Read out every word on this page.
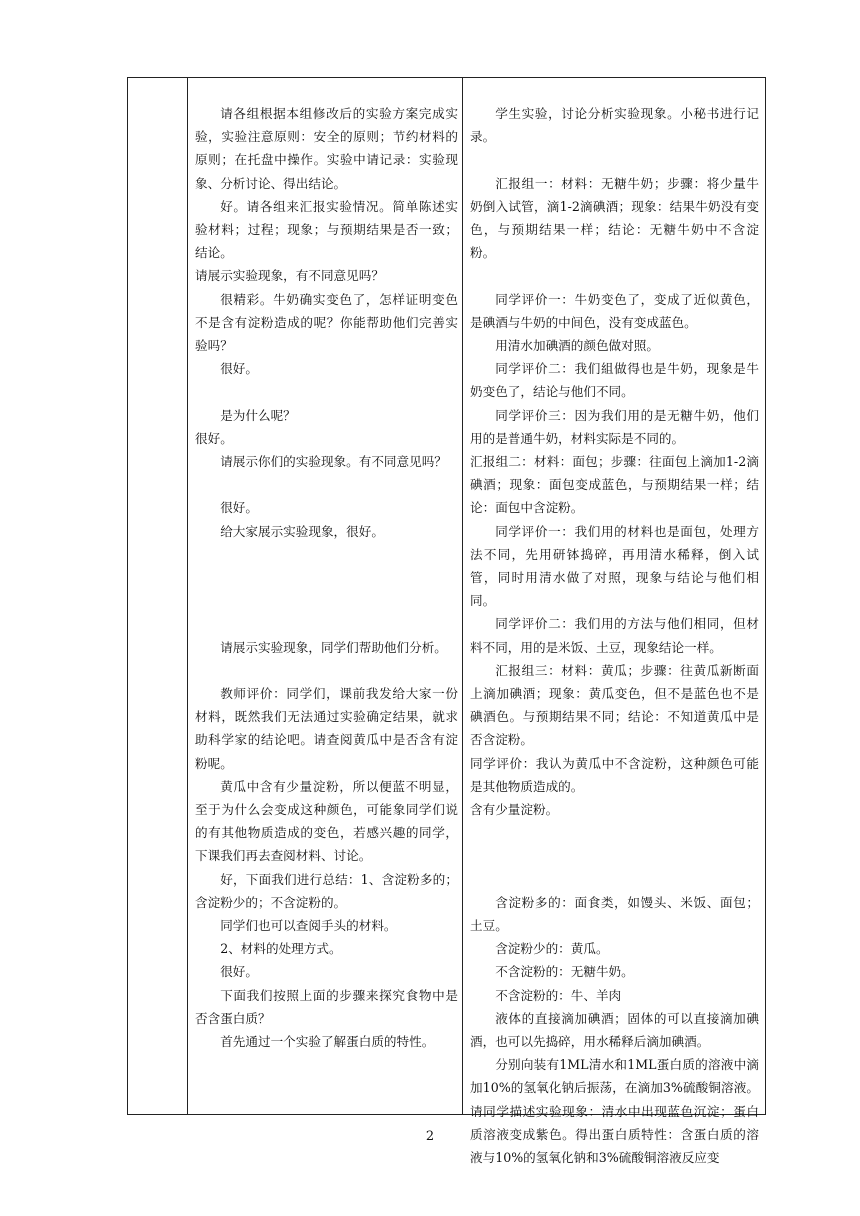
请各组根据本组修改后的实验方案完成实验，实验注意原则：安全的原则；节约材料的原则；在托盘中操作。实验中请记录：实验现象、分析讨论、得出结论。

好。请各组来汇报实验情况。简单陈述实验材料；过程；现象；与预期结果是否一致；结论。

请展示实验现象，有不同意见吗？

很精彩。牛奶确实变色了，怎样证明变色不是含有淀粉造成的呢？你能帮助他们完善实验吗？

很好。

是为什么呢？

很好。

请展示你们的实验现象。有不同意见吗？

很好。

给大家展示实验现象，很好。

请展示实验现象，同学们帮助他们分析。

教师评价：同学们，课前我发给大家一份材料，既然我们无法通过实验确定结果，就求助科学家的结论吧。请查阅黄瓜中是否含有淀粉呢。

黄瓜中含有少量淀粉，所以便蓝不明显，至于为什么会变成这种颜色，可能象同学们说的有其他物质造成的变色，若感兴趣的同学，下课我们再去查阅材料、讨论。

好，下面我们进行总结：1、含淀粉多的；含淀粉少的；不含淀粉的。

同学们也可以查阅手头的材料。

2、材料的处理方式。

很好。

下面我们按照上面的步骤来探究食物中是否含蛋白质？

首先通过一个实验了解蛋白质的特性。

学生实验，讨论分析实验现象。小秘书进行记录。

汇报组一：材料：无糖牛奶；步骤：将少量牛奶倒入试管，滴1-2滴碘酒；现象：结果牛奶没有变色，与预期结果一样；结论：无糖牛奶中不含淀粉。

同学评价一：牛奶变色了，变成了近似黄色，是碘酒与牛奶的中间色，没有变成蓝色。

用清水加碘酒的颜色做对照。

同学评价二：我们組做得也是牛奶，现象是牛奶变色了，结论与他们不同。

同学评价三：因为我们用的是无糖牛奶，他们用的是普通牛奶，材料实际是不同的。

汇报组二：材料：面包；步骤：往面包上滴加1-2滴碘酒；现象：面包变成蓝色，与预期结果一样；结论：面包中含淀粉。

同学评价一：我们用的材料也是面包，处理方法不同，先用研钵捣碎，再用清水稀释，倒入试管，同时用清水做了对照，现象与结论与他们相同。

同学评价二：我们用的方法与他们相同，但材料不同，用的是米饭、土豆，现象结论一样。

汇报组三：材料：黄瓜；步骤：往黄瓜新断面上滴加碘酒；现象：黄瓜变色，但不是蓝色也不是碘酒色。与预期结果不同；结论：不知道黄瓜中是否含淀粉。

同学评价：我认为黄瓜中不含淀粉，这种颜色可能是其他物质造成的。

含有少量淀粉。

含淀粉多的：面食类，如馒头、米饭、面包；土豆。

含淀粉少的：黄瓜。

不含淀粉的：无糖牛奶。

不含淀粉的：牛、羊肉

液体的直接滴加碘酒；固体的可以直接滴加碘酒，也可以先捣碎，用水稀释后滴加碘酒。

分别向装有1ML清水和1ML蛋白质的溶液中滴加10%的氢氧化钠后振荡，在滴加3%硫酸铜溶液。请同学描述实验现象：清水中出现蓝色沉淀；蛋白质溶液变成紫色。得出蛋白质特性：含蛋白质的溶液与10%的氢氧化钠和3%硫酸铜溶液反应变

2
